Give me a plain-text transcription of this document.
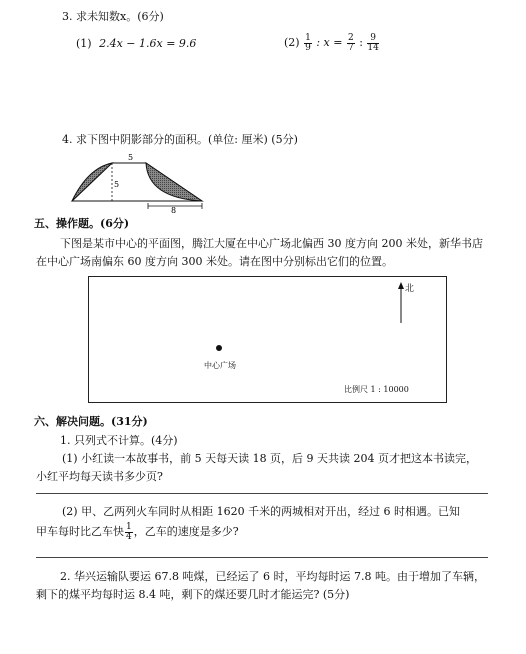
3. 求未知数x。(6分)
(1) 2.4x − 1.6x = 9.6	$(2) \frac{1}{9}$ : $x = \frac{2}{7}$ : $\frac{9}{14}$
4. 求下图中阴影部分的面积。(单位: 厘米) (5分)
5
5
8
五、操作题。(6分)
下图是某市中心的平面图，腾江大厦在中心广场北偏西 30 度方向 200 米处，新华书店
在中心广场南偏东 60 度方向 300 米处。请在图中分别标出它们的位置。
北
中心广场
比例尺 1 : 10000
六、解决问题。(31分)
1. 只列式不计算。(4分)
(1) 小红读一本故事书，前 5 天每天读 18 页，后 9 天共读 204 页才把这本书读完，
小红平均每天读书多少页?
(2) 甲、乙两列火车同时从相距 1620 千米的两城相对开出，经过 6 时相遇。已知
甲车每时比乙车快 $\frac{1}{4}$ ，乙车的速度是多少?
2. 华兴运输队要运 67.8 吨煤，已经运了 6 时，平均每时运 7.8 吨。由于增加了车辆，
剩下的煤平均每时运 8.4 吨，剩下的煤还要几时才能运完? (5分)
